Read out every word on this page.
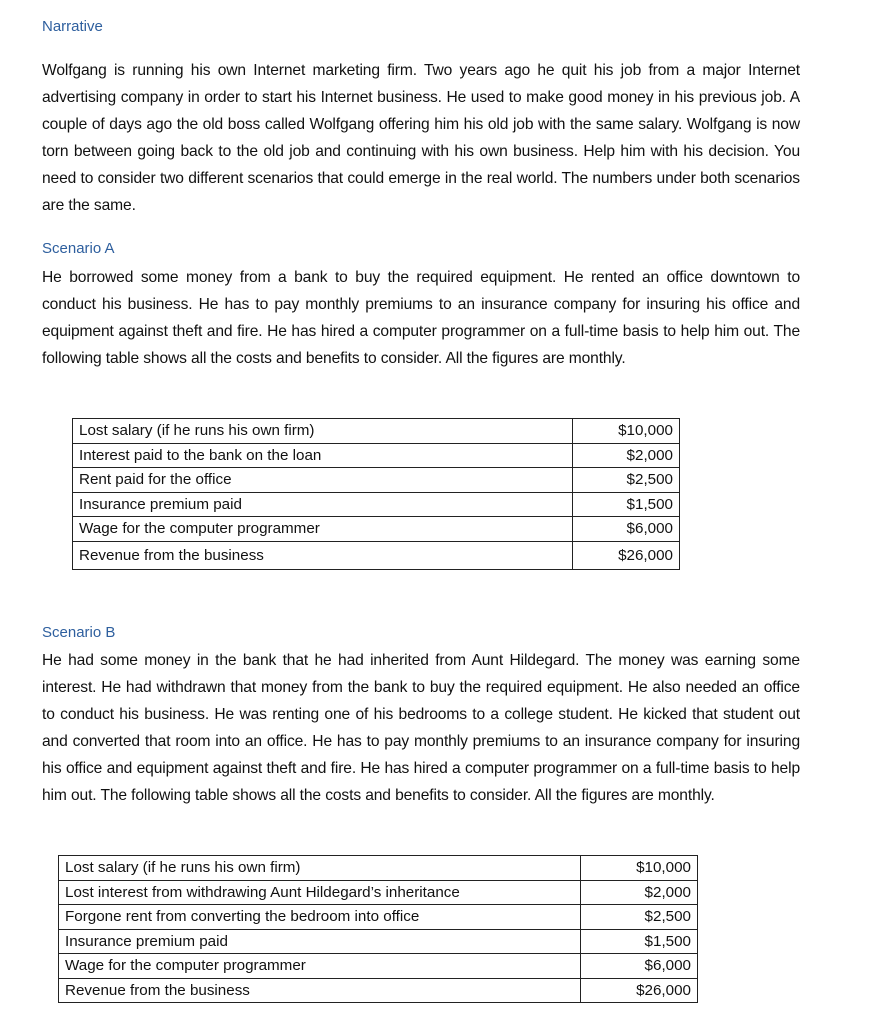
Narrative

Wolfgang is running his own Internet marketing firm. Two years ago he quit his job from a major Internet advertising company in order to start his Internet business. He used to make good money in his previous job. A couple of days ago the old boss called Wolfgang offering him his old job with the same salary. Wolfgang is now torn between going back to the old job and continuing with his own business. Help him with his decision. You need to consider two different scenarios that could emerge in the real world. The numbers under both scenarios are the same.

Scenario A

He borrowed some money from a bank to buy the required equipment. He rented an office downtown to conduct his business. He has to pay monthly premiums to an insurance company for insuring his office and equipment against theft and fire. He has hired a computer programmer on a full-time basis to help him out. The following table shows all the costs and benefits to consider. All the figures are monthly.

Scenario B

He had some money in the bank that he had inherited from Aunt Hildegard. The money was earning some interest. He had withdrawn that money from the bank to buy the required equipment. He also needed an office to conduct his business. He was renting one of his bedrooms to a college student. He kicked that student out and converted that room into an office. He has to pay monthly premiums to an insurance company for insuring his office and equipment against theft and fire. He has hired a computer programmer on a full-time basis to help him out. The following table shows all the costs and benefits to consider. All the figures are monthly.

Lost salary (if he runs his own firm)	$10,000
Interest paid to the bank on the loan	$2,000
Rent paid for the office	$2,500
Insurance premium paid	$1,500
Wage for the computer programmer	$6,000
Revenue from the business	$26,000
Lost salary (if he runs his own firm)	$10,000
Lost interest from withdrawing Aunt Hildegard’s inheritance	$2,000
Forgone rent from converting the bedroom into office	$2,500
Insurance premium paid	$1,500
Wage for the computer programmer	$6,000
Revenue from the business	$26,000
